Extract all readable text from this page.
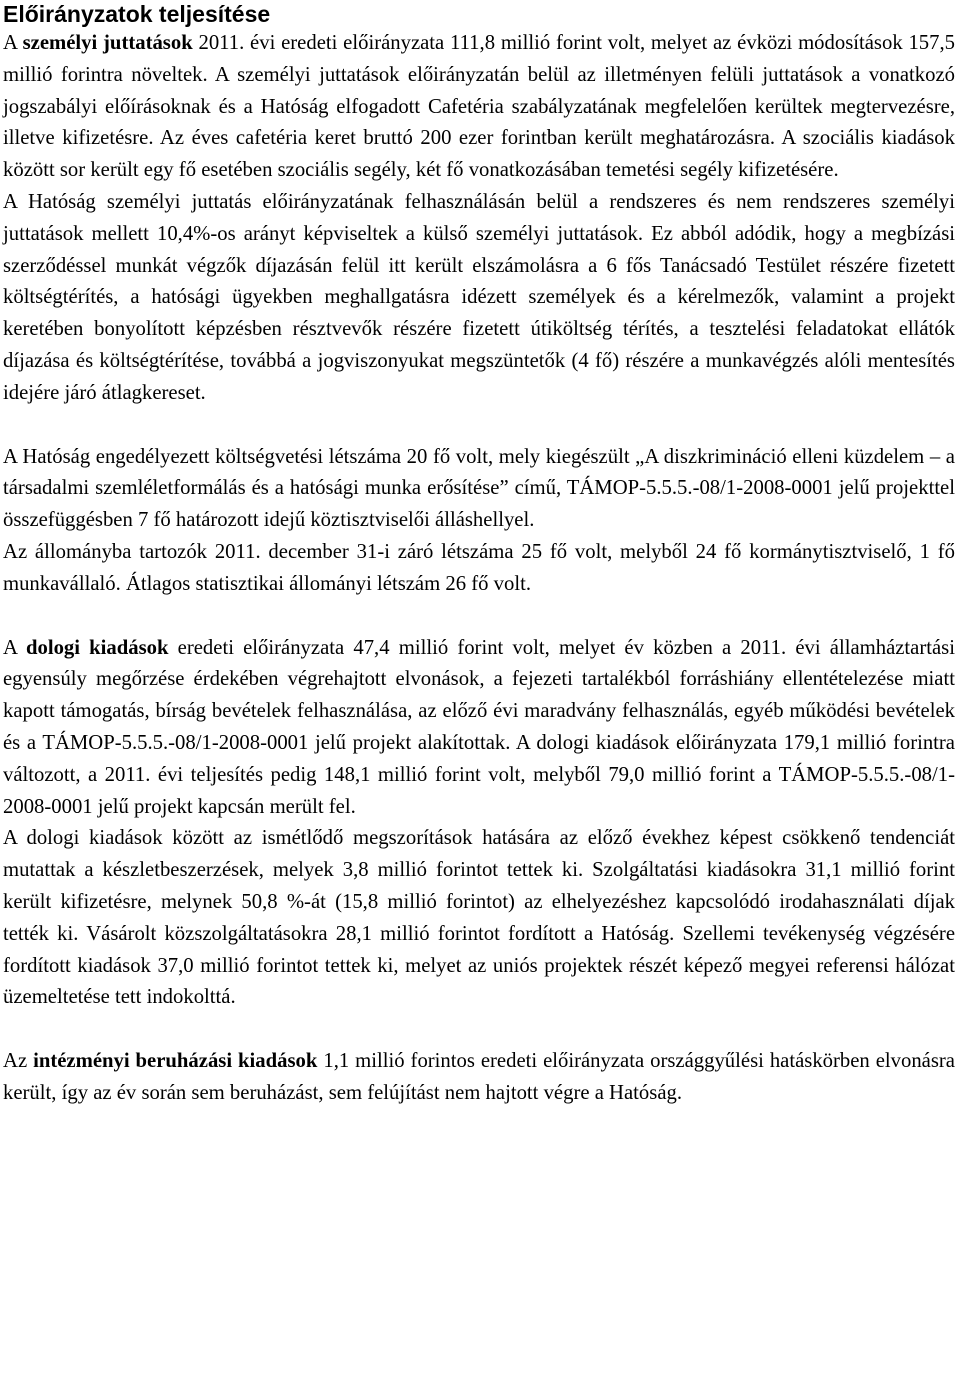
Előirányzatok teljesítése

A személyi juttatások 2011. évi eredeti előirányzata 111,8 millió forint volt, melyet az évközi módosítások 157,5 millió forintra növeltek. A személyi juttatások előirányzatán belül az illetményen felüli juttatások a vonatkozó jogszabályi előírásoknak és a Hatóság elfogadott Cafetéria szabályzatának megfelelően kerültek megtervezésre, illetve kifizetésre. Az éves cafetéria keret bruttó 200 ezer forintban került meghatározásra. A szociális kiadások között sor került egy fő esetében szociális segély, két fő vonatkozásában temetési segély kifizetésére.

A Hatóság személyi juttatás előirányzatának felhasználásán belül a rendszeres és nem rendszeres személyi juttatások mellett 10,4%-os arányt képviseltek a külső személyi juttatások. Ez abból adódik, hogy a megbízási szerződéssel munkát végzők díjazásán felül itt került elszámolásra a 6 fős Tanácsadó Testület részére fizetett költségtérítés, a hatósági ügyekben meghallgatásra idézett személyek és a kérelmezők, valamint a projekt keretében bonyolított képzésben résztvevők részére fizetett útiköltség térítés, a tesztelési feladatokat ellátók díjazása és költségtérítése, továbbá a jogviszonyukat megszüntetők (4 fő) részére a munkavégzés alóli mentesítés idejére járó átlagkereset.

A Hatóság engedélyezett költségvetési létszáma 20 fő volt, mely kiegészült „A diszkrimináció elleni küzdelem – a társadalmi szemléletformálás és a hatósági munka erősítése” című, TÁMOP-5.5.5.-08/1-2008-0001 jelű projekttel összefüggésben 7 fő határozott idejű köztisztviselői álláshellyel.

Az állományba tartozók 2011. december 31-i záró létszáma 25 fő volt, melyből 24 fő kormánytisztviselő, 1 fő munkavállaló. Átlagos statisztikai állományi létszám 26 fő volt.

A dologi kiadások eredeti előirányzata 47,4 millió forint volt, melyet év közben a 2011. évi államháztartási egyensúly megőrzése érdekében végrehajtott elvonások, a fejezeti tartalékból forráshiány ellentételezése miatt kapott támogatás, bírság bevételek felhasználása, az előző évi maradvány felhasználás, egyéb működési bevételek és a TÁMOP-5.5.5.-08/1-2008-0001 jelű projekt alakítottak. A dologi kiadások előirányzata 179,1 millió forintra változott, a 2011. évi teljesítés pedig 148,1 millió forint volt, melyből 79,0 millió forint a TÁMOP-5.5.5.-08/1-2008-0001 jelű projekt kapcsán merült fel.

A dologi kiadások között az ismétlődő megszorítások hatására az előző évekhez képest csökkenő tendenciát mutattak a készletbeszerzések, melyek 3,8 millió forintot tettek ki. Szolgáltatási kiadásokra 31,1 millió forint került kifizetésre, melynek 50,8 %-át (15,8 millió forintot) az elhelyezéshez kapcsolódó irodahasználati díjak tették ki. Vásárolt közszolgáltatásokra 28,1 millió forintot fordított a Hatóság. Szellemi tevékenység végzésére fordított kiadások 37,0 millió forintot tettek ki, melyet az uniós projektek részét képező megyei referensi hálózat üzemeltetése tett indokolttá.

Az intézményi beruházási kiadások 1,1 millió forintos eredeti előirányzata országgyűlési hatáskörben elvonásra került, így az év során sem beruházást, sem felújítást nem hajtott végre a Hatóság.
